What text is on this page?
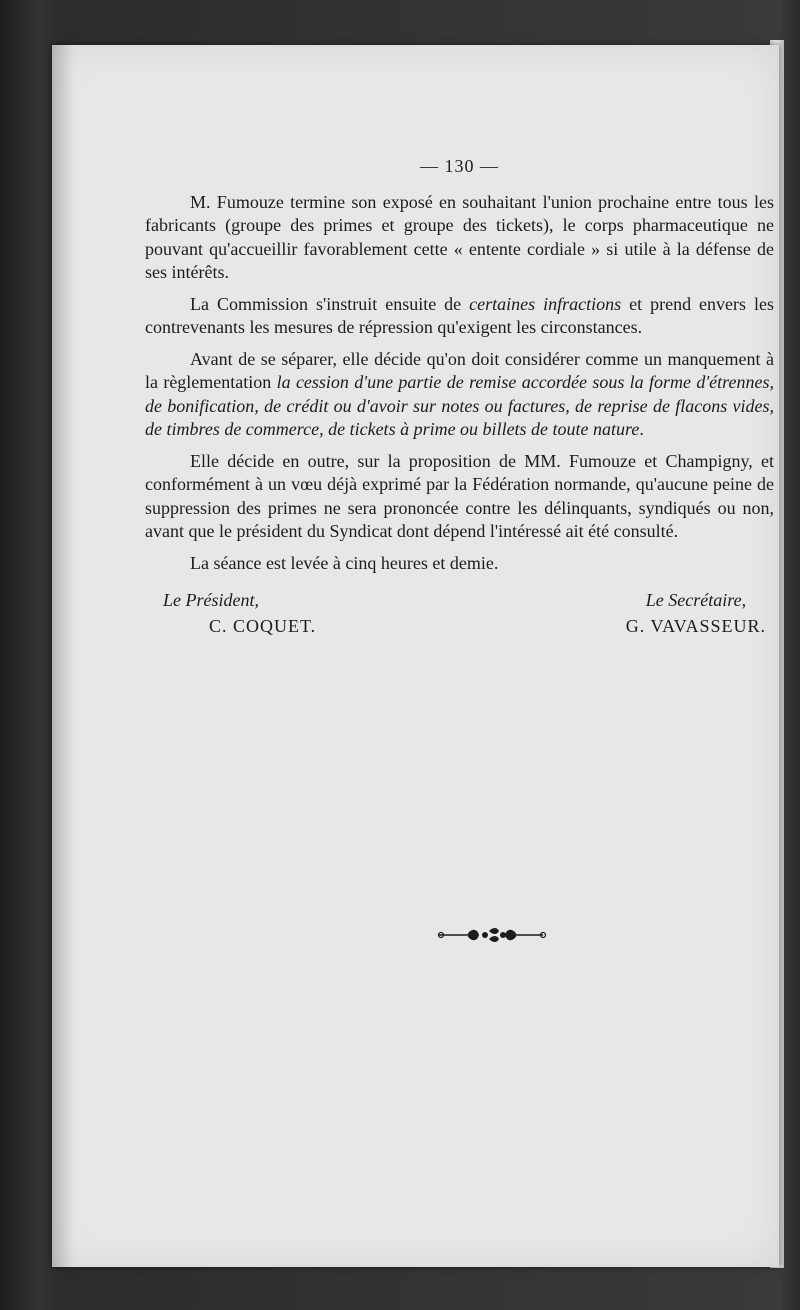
— 130 —

M. Fumouze termine son exposé en souhaitant l'union prochaine entre tous les fabricants (groupe des primes et groupe des tickets), le corps pharmaceutique ne pouvant qu'accueillir favorablement cette « entente cordiale » si utile à la défense de ses intérêts.

La Commission s'instruit ensuite de certaines infractions et prend envers les contrevenants les mesures de répression qu'exigent les circonstances.

Avant de se séparer, elle décide qu'on doit considérer comme un manquement à la règlementation la cession d'une partie de remise accordée sous la forme d'étrennes, de bonification, de crédit ou d'avoir sur notes ou factures, de reprise de flacons vides, de timbres de commerce, de tickets à prime ou billets de toute nature.

Elle décide en outre, sur la proposition de MM. Fumouze et Champigny, et conformément à un vœu déjà exprimé par la Fédération normande, qu'aucune peine de suppression des primes ne sera prononcée contre les délinquants, syndiqués ou non, avant que le président du Syndicat dont dépend l'intéressé ait été consulté.

La séance est levée à cinq heures et demie.

Le Président,
C. COQUET.
Le Secrétaire,
G. VAVASSEUR.
